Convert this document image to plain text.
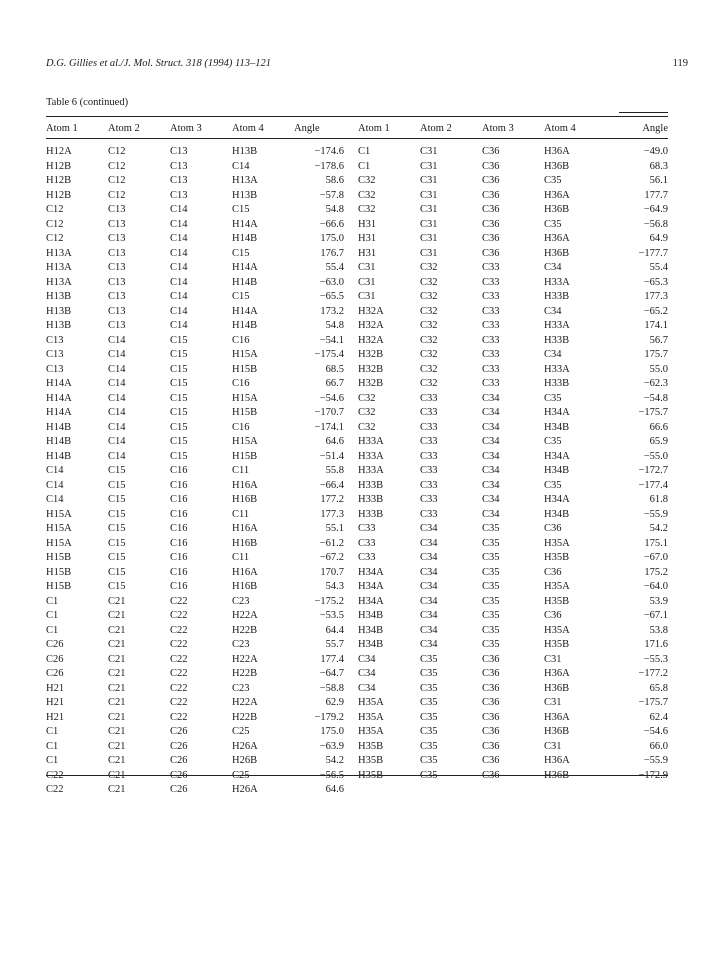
D.G. Gillies et al./J. Mol. Struct. 318 (1994) 113–121	119
Table 6 (continued)
Atom 1	Atom 2	Atom 3	Atom 4	Angle		Atom 1	Atom 2	Atom 3	Atom 4	Angle
H12A	C12	C13	H13B	−174.6		C1	C31	C36	H36A	−49.0
H12B	C12	C13	C14	−178.6		C1	C31	C36	H36B	68.3
H12B	C12	C13	H13A	58.6		C32	C31	C36	C35	56.1
H12B	C12	C13	H13B	−57.8		C32	C31	C36	H36A	177.7
C12	C13	C14	C15	54.8		C32	C31	C36	H36B	−64.9
C12	C13	C14	H14A	−66.6		H31	C31	C36	C35	−56.8
C12	C13	C14	H14B	175.0		H31	C31	C36	H36A	64.9
H13A	C13	C14	C15	176.7		H31	C31	C36	H36B	−177.7
H13A	C13	C14	H14A	55.4		C31	C32	C33	C34	55.4
H13A	C13	C14	H14B	−63.0		C31	C32	C33	H33A	−65.3
H13B	C13	C14	C15	−65.5		C31	C32	C33	H33B	177.3
H13B	C13	C14	H14A	173.2		H32A	C32	C33	C34	−65.2
H13B	C13	C14	H14B	54.8		H32A	C32	C33	H33A	174.1
C13	C14	C15	C16	−54.1		H32A	C32	C33	H33B	56.7
C13	C14	C15	H15A	−175.4		H32B	C32	C33	C34	175.7
C13	C14	C15	H15B	68.5		H32B	C32	C33	H33A	55.0
H14A	C14	C15	C16	66.7		H32B	C32	C33	H33B	−62.3
H14A	C14	C15	H15A	−54.6		C32	C33	C34	C35	−54.8
H14A	C14	C15	H15B	−170.7		C32	C33	C34	H34A	−175.7
H14B	C14	C15	C16	−174.1		C32	C33	C34	H34B	66.6
H14B	C14	C15	H15A	64.6		H33A	C33	C34	C35	65.9
H14B	C14	C15	H15B	−51.4		H33A	C33	C34	H34A	−55.0
C14	C15	C16	C11	55.8		H33A	C33	C34	H34B	−172.7
C14	C15	C16	H16A	−66.4		H33B	C33	C34	C35	−177.4
C14	C15	C16	H16B	177.2		H33B	C33	C34	H34A	61.8
H15A	C15	C16	C11	177.3		H33B	C33	C34	H34B	−55.9
H15A	C15	C16	H16A	55.1		C33	C34	C35	C36	54.2
H15A	C15	C16	H16B	−61.2		C33	C34	C35	H35A	175.1
H15B	C15	C16	C11	−67.2		C33	C34	C35	H35B	−67.0
H15B	C15	C16	H16A	170.7		H34A	C34	C35	C36	175.2
H15B	C15	C16	H16B	54.3		H34A	C34	C35	H35A	−64.0
C1	C21	C22	C23	−175.2		H34A	C34	C35	H35B	53.9
C1	C21	C22	H22A	−53.5		H34B	C34	C35	C36	−67.1
C1	C21	C22	H22B	64.4		H34B	C34	C35	H35A	53.8
C26	C21	C22	C23	55.7		H34B	C34	C35	H35B	171.6
C26	C21	C22	H22A	177.4		C34	C35	C36	C31	−55.3
C26	C21	C22	H22B	−64.7		C34	C35	C36	H36A	−177.2
H21	C21	C22	C23	−58.8		C34	C35	C36	H36B	65.8
H21	C21	C22	H22A	62.9		H35A	C35	C36	C31	−175.7
H21	C21	C22	H22B	−179.2		H35A	C35	C36	H36A	62.4
C1	C21	C26	C25	175.0		H35A	C35	C36	H36B	−54.6
C1	C21	C26	H26A	−63.9		H35B	C35	C36	C31	66.0
C1	C21	C26	H26B	54.2		H35B	C35	C36	H36A	−55.9
C22	C21	C26	C25	−56.5		H35B	C35	C36	H36B	−172.9
C22	C21	C26	H26A	64.6						
